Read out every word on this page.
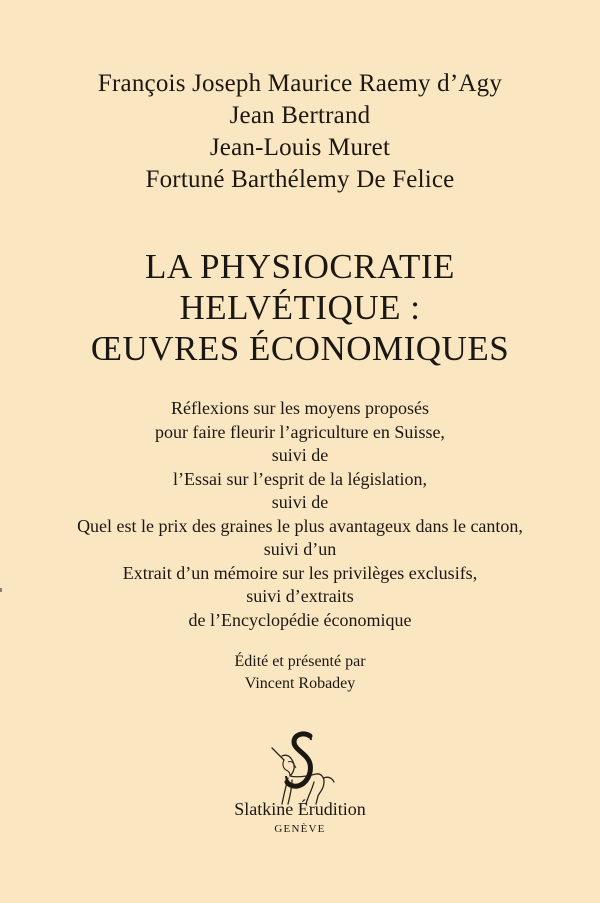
François Joseph Maurice Raemy d’Agy
Jean Bertrand
Jean-Louis Muret
Fortuné Barthélemy De Felice
LA PHYSIOCRATIE
HELVÉTIQUE :
ŒUVRES ÉCONOMIQUES
Réflexions sur les moyens proposés
pour faire fleurir l’agriculture en Suisse,
suivi de
l’Essai sur l’esprit de la législation,
suivi de
Quel est le prix des graines le plus avantageux dans le canton,
suivi d’un
Extrait d’un mémoire sur les privilèges exclusifs,
suivi d’extraits
de l’Encyclopédie économique
Édité et présenté par
Vincent Robadey
Slatkine Érudition
GENÈVE
